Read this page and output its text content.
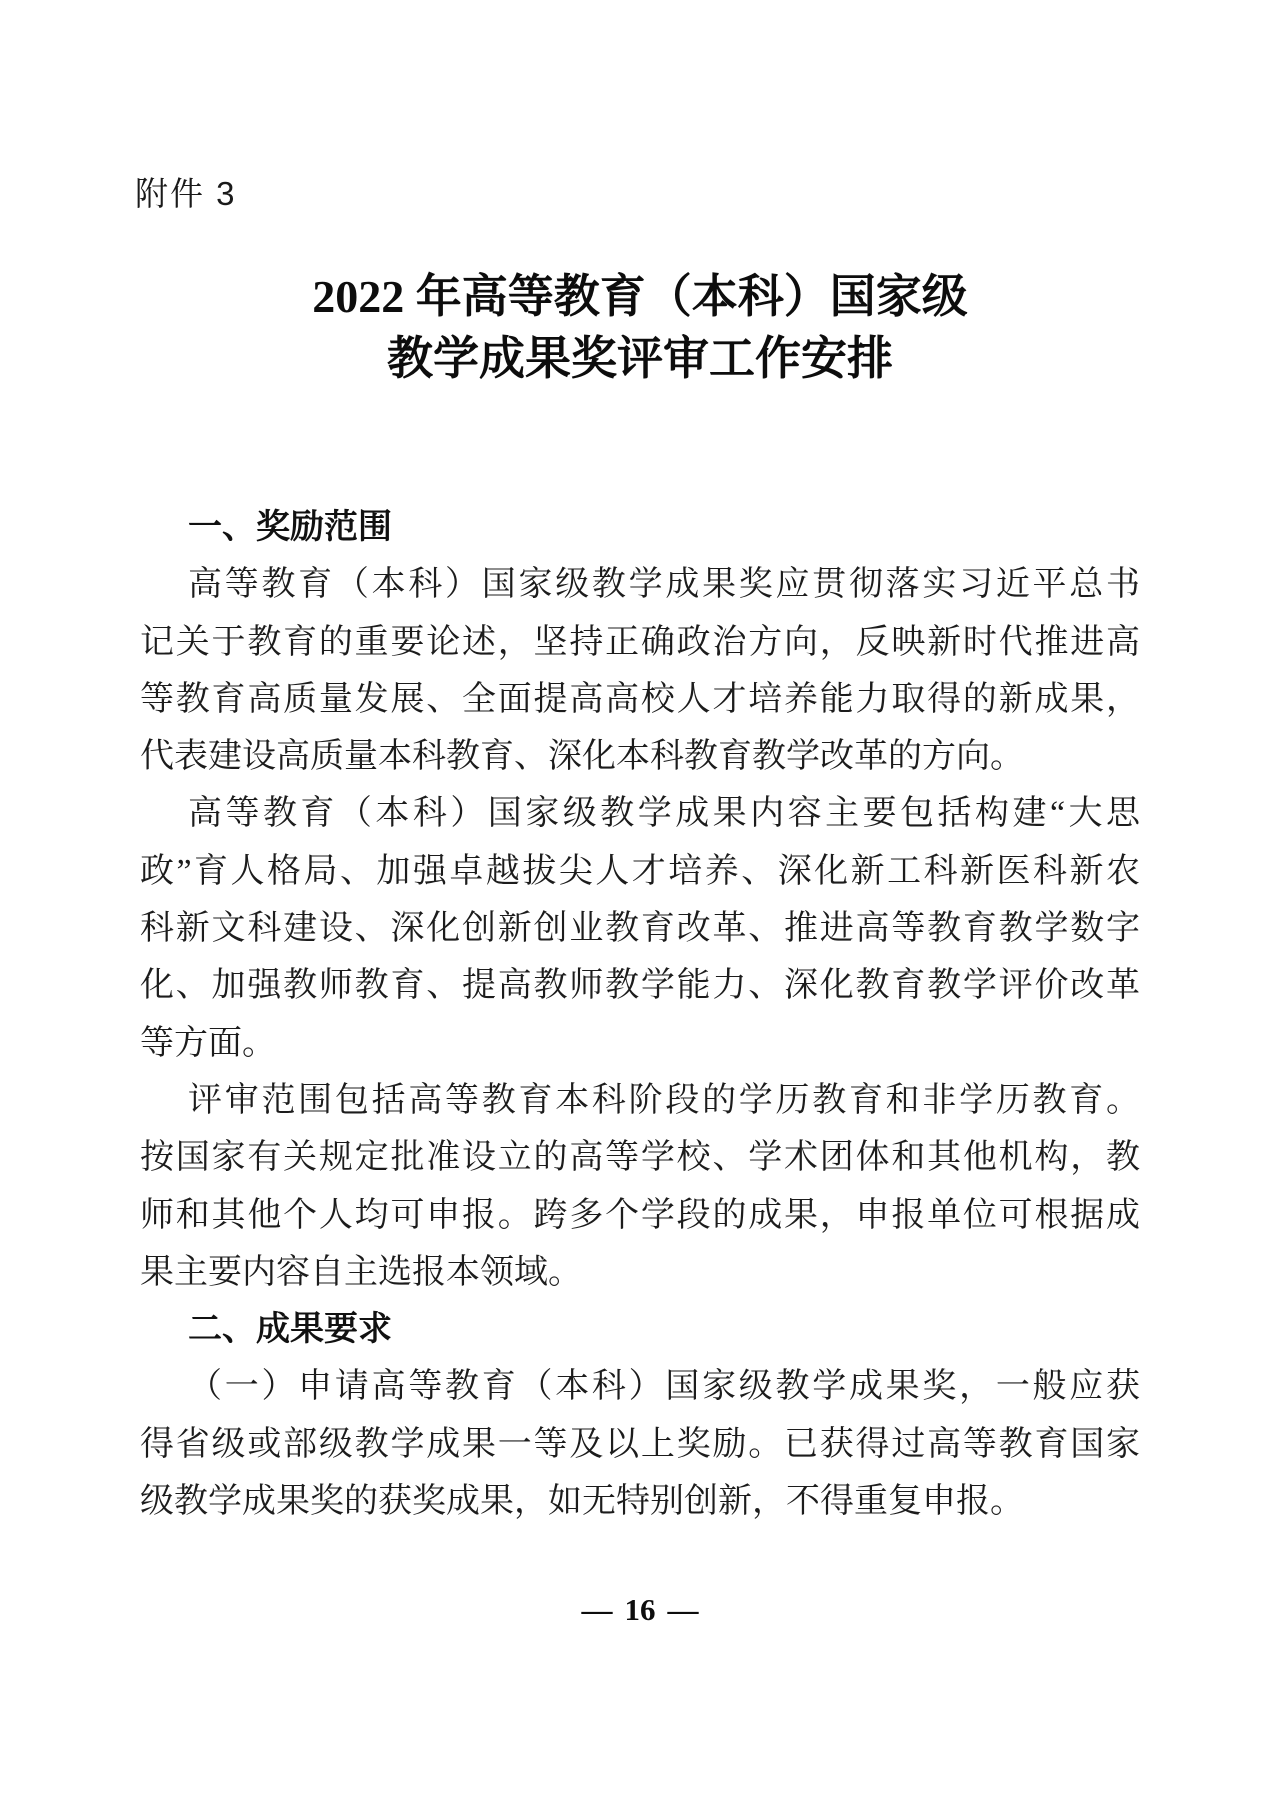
附件 3
2022 年高等教育（本科）国家级
教学成果奖评审工作安排
一、奖励范围
高等教育（本科）国家级教学成果奖应贯彻落实习近平总书
记关于教育的重要论述，坚持正确政治方向，反映新时代推进高
等教育高质量发展、全面提高高校人才培养能力取得的新成果，
代表建设高质量本科教育、深化本科教育教学改革的方向。
高等教育（本科）国家级教学成果内容主要包括构建“大思
政”育人格局、加强卓越拔尖人才培养、深化新工科新医科新农
科新文科建设、深化创新创业教育改革、推进高等教育教学数字
化、加强教师教育、提高教师教学能力、深化教育教学评价改革
等方面。
评审范围包括高等教育本科阶段的学历教育和非学历教育。
按国家有关规定批准设立的高等学校、学术团体和其他机构，教
师和其他个人均可申报。跨多个学段的成果，申报单位可根据成
果主要内容自主选报本领域。
二、成果要求
（一）申请高等教育（本科）国家级教学成果奖，一般应获
得省级或部级教学成果一等及以上奖励。已获得过高等教育国家
级教学成果奖的获奖成果，如无特别创新，不得重复申报。
— 16 —
